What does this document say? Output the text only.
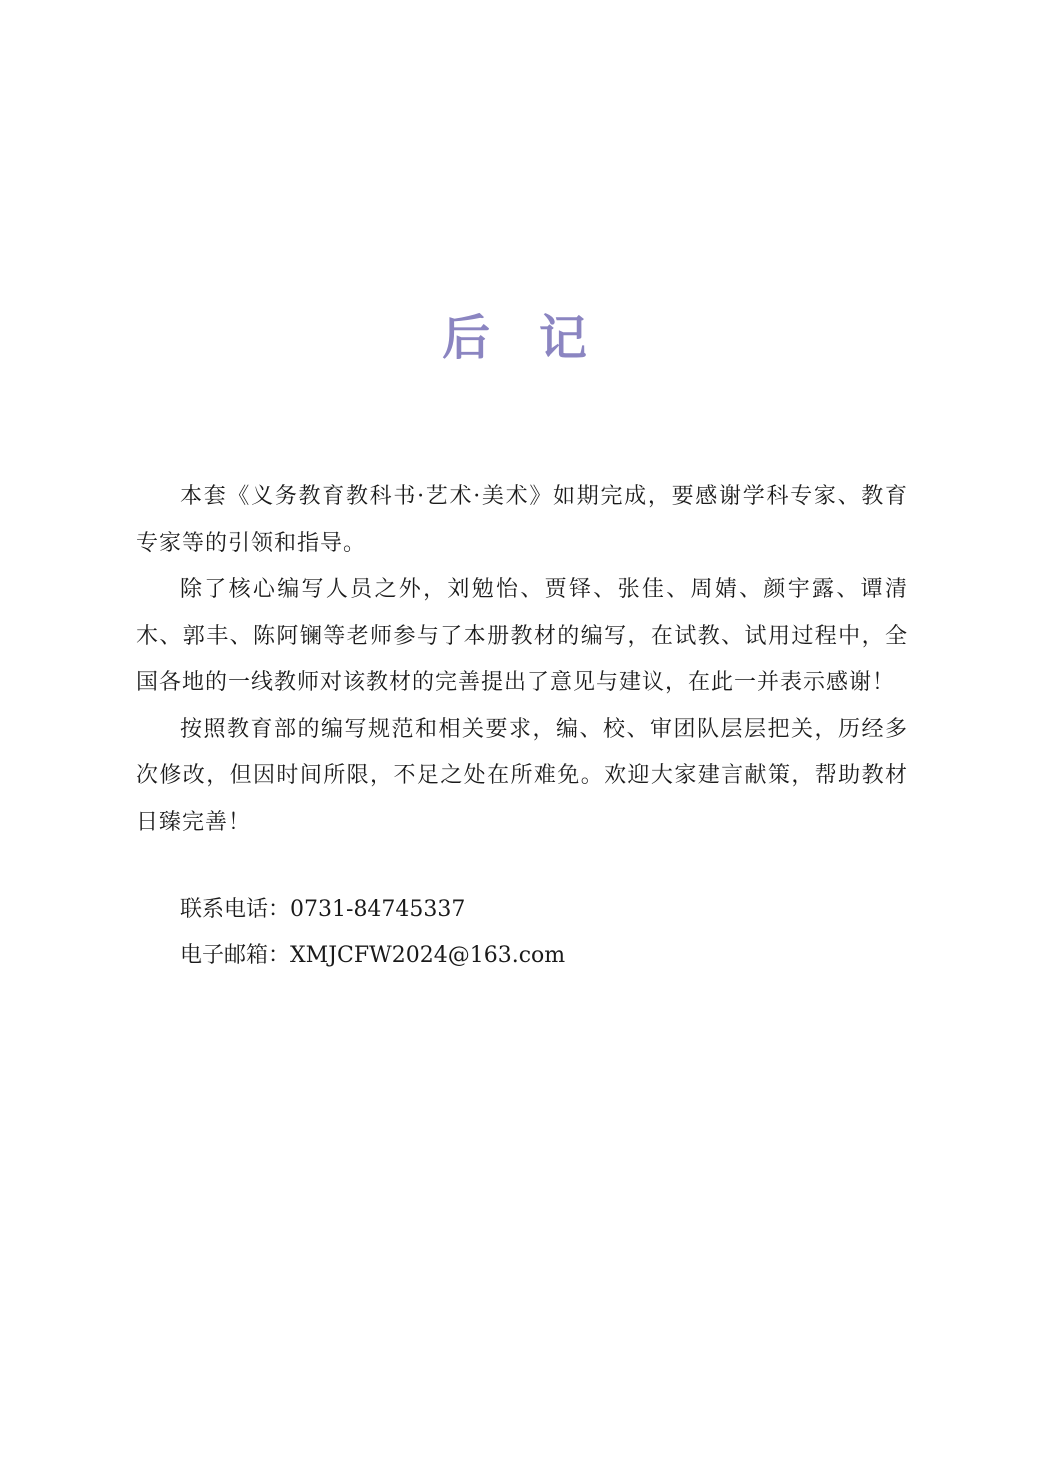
后 记

本套《义务教育教科书·艺术·美术》如期完成，要感谢学科专家、教育专家等的引领和指导。

除了核心编写人员之外，刘勉怡、贾铎、张佳、周婧、颜宇露、谭清木、郭丰、陈阿镧等老师参与了本册教材的编写，在试教、试用过程中，全国各地的一线教师对该教材的完善提出了意见与建议，在此一并表示感谢！

按照教育部的编写规范和相关要求，编、校、审团队层层把关，历经多次修改，但因时间所限，不足之处在所难免。欢迎大家建言献策，帮助教材日臻完善！

联系电话：0731-84745337
电子邮箱：XMJCFW2024@163.com
